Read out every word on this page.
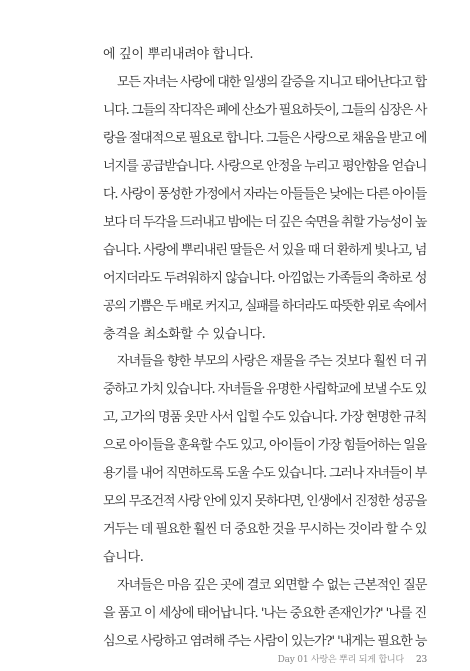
에 깊이 뿌리내려야 합니다.

모든 자녀는 사랑에 대한 일생의 갈증을 지니고 태어난다고 합

니다. 그들의 작디작은 폐에 산소가 필요하듯이, 그들의 심장은 사

랑을 절대적으로 필요로 합니다. 그들은 사랑으로 채움을 받고 에

너지를 공급받습니다. 사랑으로 안정을 누리고 평안함을 얻습니

다. 사랑이 풍성한 가정에서 자라는 아들들은 낮에는 다른 아이들

보다 더 두각을 드러내고 밤에는 더 깊은 숙면을 취할 가능성이 높

습니다. 사랑에 뿌리내린 딸들은 서 있을 때 더 환하게 빛나고, 넘

어지더라도 두려워하지 않습니다. 아낌없는 가족들의 축하로 성

공의 기쁨은 두 배로 커지고, 실패를 하더라도 따뜻한 위로 속에서

충격을 최소화할 수 있습니다.

자녀들을 향한 부모의 사랑은 재물을 주는 것보다 훨씬 더 귀

중하고 가치 있습니다. 자녀들을 유명한 사립학교에 보낼 수도 있

고, 고가의 명품 옷만 사서 입힐 수도 있습니다. 가장 현명한 규칙

으로 아이들을 훈육할 수도 있고, 아이들이 가장 힘들어하는 일을

용기를 내어 직면하도록 도울 수도 있습니다. 그러나 자녀들이 부

모의 무조건적 사랑 안에 있지 못하다면, 인생에서 진정한 성공을

거두는 데 필요한 훨씬 더 중요한 것을 무시하는 것이라 할 수 있

습니다.

자녀들은 마음 깊은 곳에 결코 외면할 수 없는 근본적인 질문

을 품고 이 세상에 태어납니다. '나는 중요한 존재인가?' '나를 진

심으로 사랑하고 염려해 주는 사람이 있는가?' '내게는 필요한 능

Day 01 사랑은 뿌리 되게 합니다 23
